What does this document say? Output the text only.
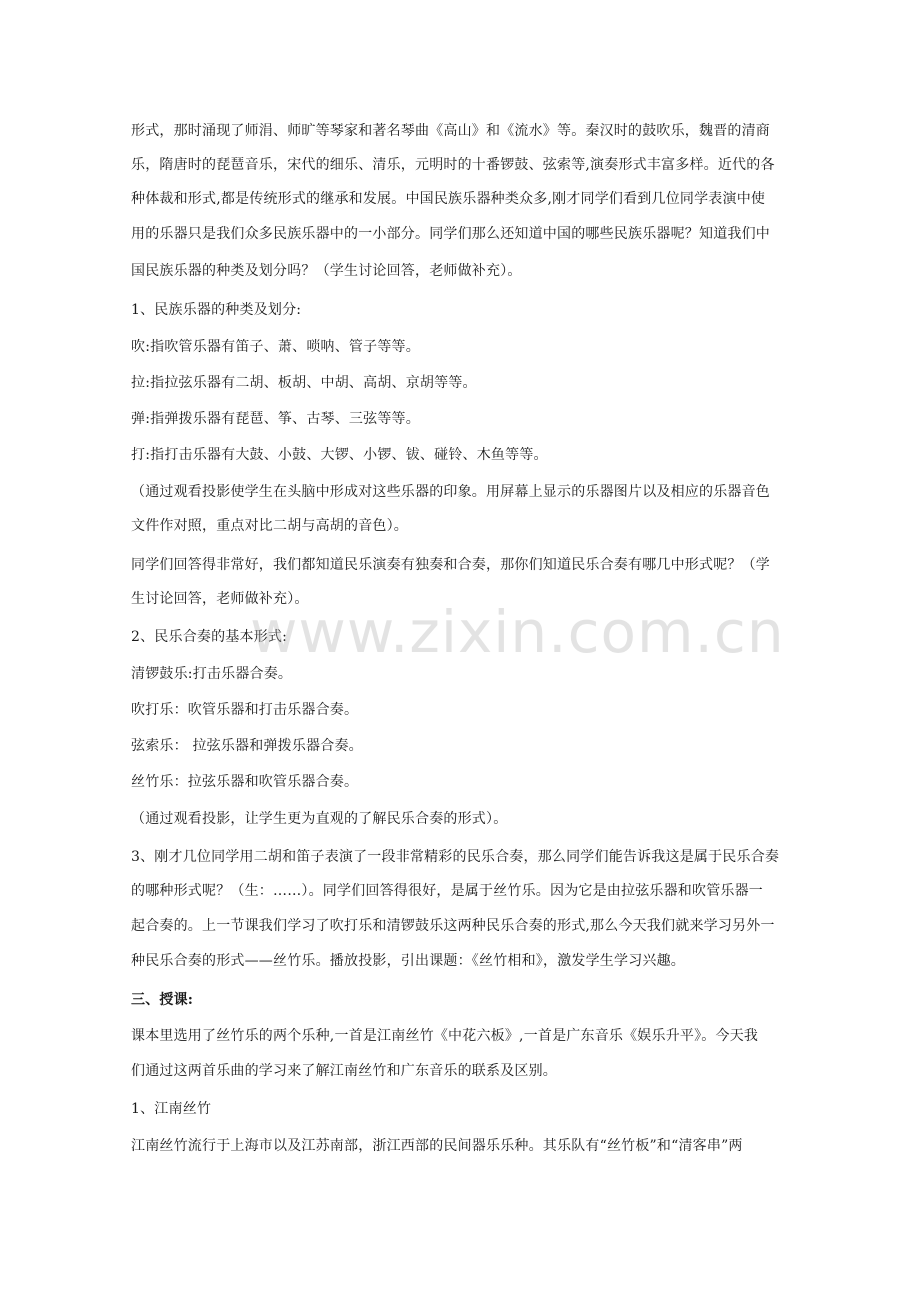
形式，那时涌现了师涓、师旷等琴家和著名琴曲《高山》和《流水》等。秦汉时的鼓吹乐，魏晋的清商
乐，隋唐时的琵琶音乐，宋代的细乐、清乐，元明时的十番锣鼓、弦索等,演奏形式丰富多样。近代的各
种体裁和形式,都是传统形式的继承和发展。中国民族乐器种类众多,刚才同学们看到几位同学表演中使
用的乐器只是我们众多民族乐器中的一小部分。同学们那么还知道中国的哪些民族乐器呢？知道我们中
国民族乐器的种类及划分吗？（学生讨论回答，老师做补充）。
1、民族乐器的种类及划分:
吹:指吹管乐器有笛子、萧、唢呐、管子等等。
拉:指拉弦乐器有二胡、板胡、中胡、高胡、京胡等等。
弹:指弹拨乐器有琵琶、筝、古琴、三弦等等。
打:指打击乐器有大鼓、小鼓、大锣、小锣、钹、碰铃、木鱼等等。
（通过观看投影使学生在头脑中形成对这些乐器的印象。用屏幕上显示的乐器图片以及相应的乐器音色
文件作对照，重点对比二胡与高胡的音色）。
同学们回答得非常好，我们都知道民乐演奏有独奏和合奏，那你们知道民乐合奏有哪几中形式呢？（学
生讨论回答，老师做补充）。
2、民乐合奏的基本形式:
清锣鼓乐:打击乐器合奏。
吹打乐：吹管乐器和打击乐器合奏。
弦索乐： 拉弦乐器和弹拨乐器合奏。
丝竹乐：拉弦乐器和吹管乐器合奏。
（通过观看投影，让学生更为直观的了解民乐合奏的形式）。
3、刚才几位同学用二胡和笛子表演了一段非常精彩的民乐合奏，那么同学们能告诉我这是属于民乐合奏
的哪种形式呢？（生：……）。同学们回答得很好，是属于丝竹乐。因为它是由拉弦乐器和吹管乐器一
起合奏的。上一节课我们学习了吹打乐和清锣鼓乐这两种民乐合奏的形式,那么今天我们就来学习另外一
种民乐合奏的形式——丝竹乐。播放投影，引出课题：《丝竹相和》，激发学生学习兴趣。
三、授课:
课本里选用了丝竹乐的两个乐种,一首是江南丝竹《中花六板》,一首是广东音乐《娱乐升平》。今天我
们通过这两首乐曲的学习来了解江南丝竹和广东音乐的联系及区别。
1、江南丝竹
江南丝竹流行于上海市以及江苏南部，浙江西部的民间器乐乐种。其乐队有“丝竹板”和“清客串”两
www.zixin.com.cn
